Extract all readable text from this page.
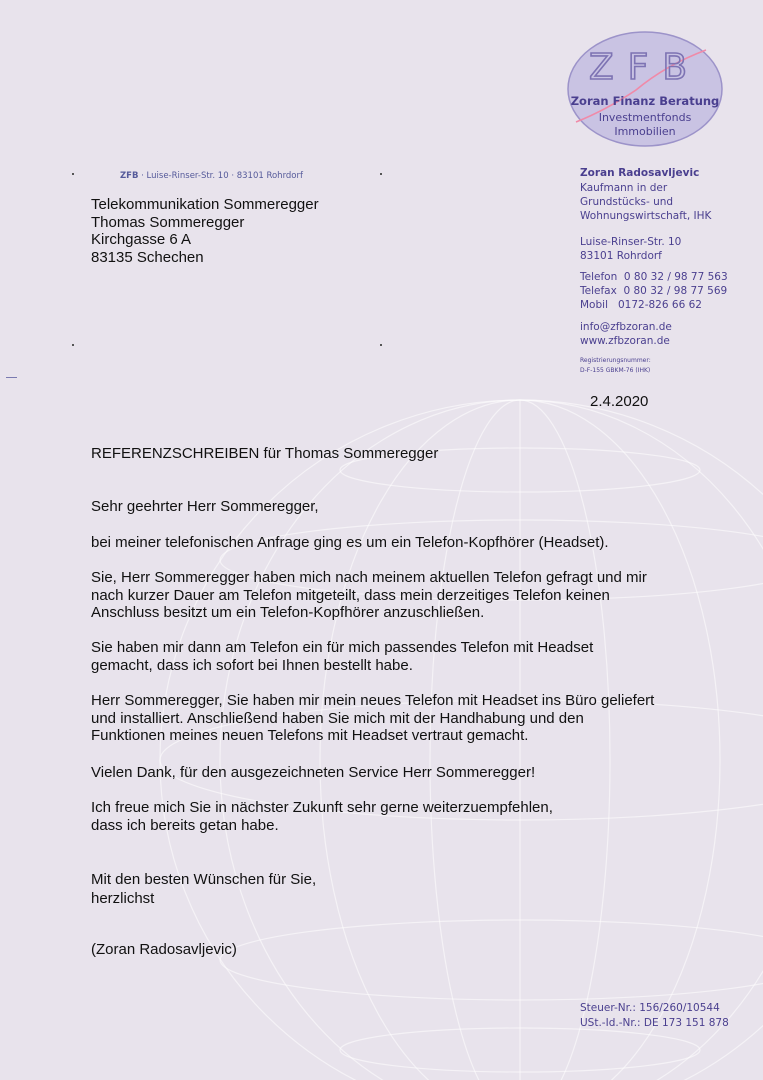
ZFB
Zoran Finanz Beratung
Investmentfonds
Immobilien
ZFB · Luise-Rinser-Str. 10 · 83101 Rohrdorf	Zoran Radosavljevic
Kaufmann in der
Grundstücks- und
Wohnungswirtschaft, IHK
Luise-Rinser-Str. 10
83101 Rohrdorf
Telefon  0 80 32 / 98 77 563
Telefax  0 80 32 / 98 77 569
Mobil   0172-826 66 62
info@zfbzoran.de
www.zfbzoran.de
Registrierungsnummer:
D-F-155 GBKM-76 (IHK)
Telekommunikation Sommeregger
Thomas Sommeregger
Kirchgasse 6 A
83135 Schechen
2.4.2020
REFERENZSCHREIBEN für Thomas Sommeregger
Sehr geehrter Herr Sommeregger,
bei meiner telefonischen Anfrage ging es um ein Telefon-Kopfhörer (Headset).
Sie, Herr Sommeregger haben mich nach meinem aktuellen Telefon gefragt und mir
nach kurzer Dauer am Telefon mitgeteilt, dass mein derzeitiges Telefon keinen
Anschluss besitzt um ein Telefon-Kopfhörer anzuschließen.
Sie haben mir dann am Telefon ein für mich passendes Telefon mit Headset
gemacht, dass ich sofort bei Ihnen bestellt habe.
Herr Sommeregger, Sie haben mir mein neues Telefon mit Headset ins Büro geliefert
und installiert. Anschließend haben Sie mich mit der Handhabung und den
Funktionen meines neuen Telefons mit Headset vertraut gemacht.
Vielen Dank, für den ausgezeichneten Service Herr Sommeregger!
Ich freue mich Sie in nächster Zukunft sehr gerne weiterzuempfehlen,
dass ich bereits getan habe.
Mit den besten Wünschen für Sie,
herzlichst
(Zoran Radosavljevic)
Steuer-Nr.: 156/260/10544
USt.-Id.-Nr.: DE 173 151 878
